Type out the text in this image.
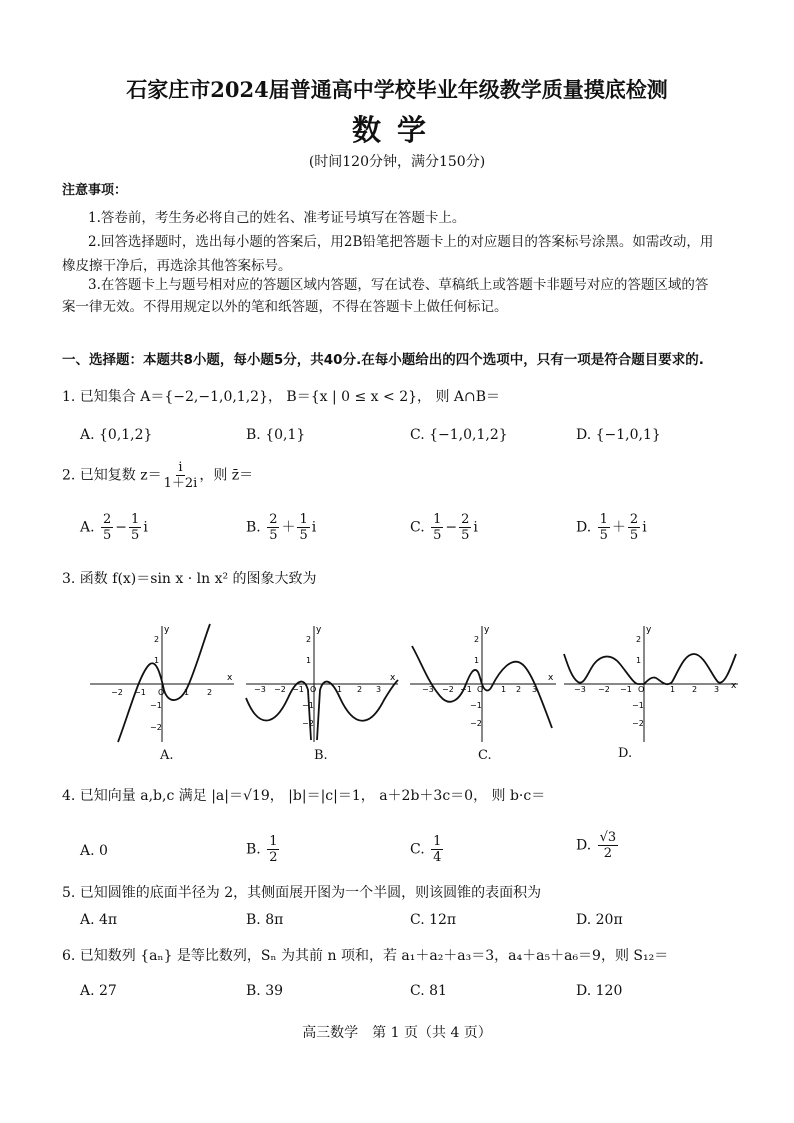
石家庄市2024届普通高中学校毕业年级教学质量摸底检测
数学
(时间120分钟，满分150分)
注意事项：
1.答卷前，考生务必将自己的姓名、准考证号填写在答题卡上。
2.回答选择题时，选出每小题的答案后，用2B铅笔把答题卡上的对应题目的答案标号涂黑。如需改动，用
橡皮擦干净后，再选涂其他答案标号。
3.在答题卡上与题号相对应的答题区域内答题，写在试卷、草稿纸上或答题卡非题号对应的答题区域的答
案一律无效。不得用规定以外的笔和纸答题，不得在答题卡上做任何标记。
一、选择题：本题共8小题，每小题5分，共40分.在每小题给出的四个选项中，只有一项是符合题目要求的.
1. 已知集合 A＝{−2,−1,0,1,2}， B＝{x | 0 ≤ x < 2}， 则 A∩B＝
A. {0,1,2}	B. {0,1}	C. {−1,0,1,2}	D. {−1,0,1}
2. 已知复数 $z= \frac{i}{1+2i}$ ，则 z̄＝
A. $\frac{2}{5} - \frac{1}{5}$ i	B. $\frac{2}{5} + \frac{1}{5}$ i	C. $\frac{1}{5} - \frac{2}{5}$ i	D. $\frac{1}{5} + \frac{2}{5}$ i
3. 函数 f(x)＝sin x · ln x² 的图象大致为
y
x
2
1
−1
−2
−2 −1 O 1 2
A.
y
x
2
1
−1
−2
−3 −2 −1 O	1 2 3
B.
y
x
2
1
−1
−2
−3 −2 −1 O 1 2 3
C.
y
x
2
1
−1
−2
−3 −2 −1 O	1 2 3
D.
4. 已知向量 a,b,c 满足 |a|＝√19， |b|＝|c|＝1， a＋2b＋3c＝0， 则 b·c＝
A. 0	B. $\frac{1}{2}$	C. $\frac{1}{4}$	D. $\frac{√3}{2}$
5. 已知圆锥的底面半径为 2，其侧面展开图为一个半圆，则该圆锥的表面积为
A. 4π	B. 8π	C. 12π	D. 20π
6. 已知数列 {aₙ} 是等比数列，Sₙ 为其前 n 项和，若 a₁＋a₂＋a₃＝3，a₄＋a₅＋a₆＝9，则 S₁₂＝
A. 27	B. 39	C. 81	D. 120
高三数学　第 1 页（共 4 页）
